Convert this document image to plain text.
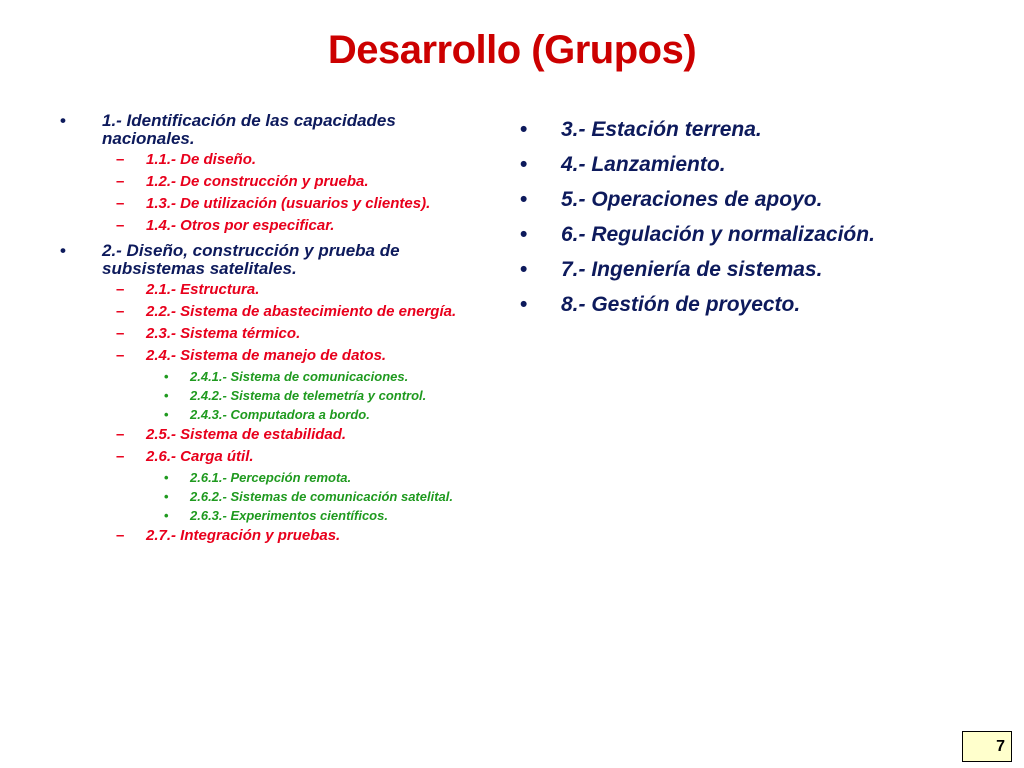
Desarrollo (Grupos)
• 1.- Identificación de las capacidades nacionales.
– 1.1.- De diseño.
– 1.2.- De construcción y prueba.
– 1.3.- De utilización (usuarios y clientes).
– 1.4.- Otros por especificar.
• 2.- Diseño, construcción y prueba de subsistemas satelitales.
– 2.1.- Estructura.
– 2.2.- Sistema de abastecimiento de energía.
– 2.3.- Sistema térmico.
– 2.4.- Sistema de manejo de datos.
• 2.4.1.- Sistema de comunicaciones.
• 2.4.2.- Sistema de telemetría y control.
• 2.4.3.- Computadora a bordo.
– 2.5.- Sistema de estabilidad.
– 2.6.- Carga útil.
• 2.6.1.- Percepción remota.
• 2.6.2.- Sistemas de comunicación satelital.
• 2.6.3.- Experimentos científicos.
– 2.7.- Integración y pruebas.
• 3.- Estación terrena.
• 4.- Lanzamiento.
• 5.- Operaciones de apoyo.
• 6.- Regulación y normalización.
• 7.- Ingeniería de sistemas.
• 8.- Gestión de proyecto.
7
